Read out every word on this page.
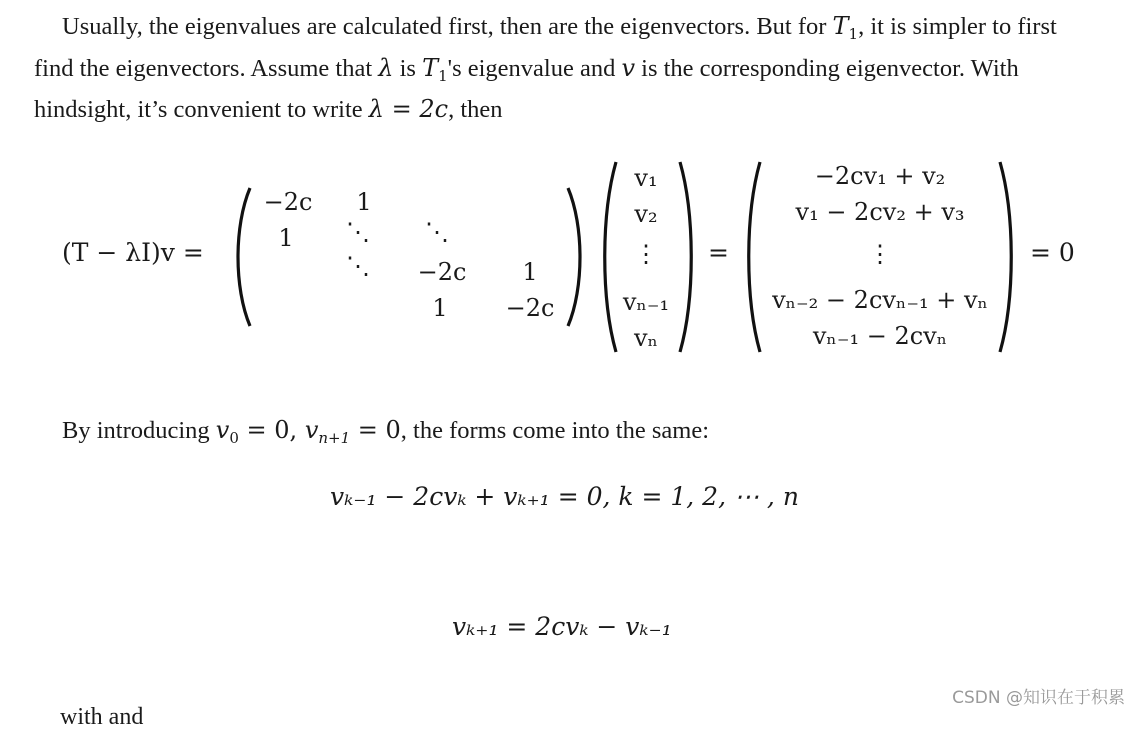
Usually, the eigenvalues are calculated first, then are the eigenvectors. But for $T_1$, it is simpler to first find the eigenvectors. Assume that λ is $T_1's$ eigenvalue and v is the corresponding eigenvector. With hindsight, it’s convenient to write λ = 2c, then

(T − λI)v =
−2c 1
1 ⋱ ⋱
⋱ −2c 1
1 −2c
v₁
v₂
⋮
vₙ₋₁
vₙ
=
−2cv₁ + v₂
v₁ − 2cv₂ + v₃
⋮
vₙ₋₂ − 2cvₙ₋₁ + vₙ
vₙ₋₁ − 2cvₙ
= 0

By introducing $v_0 = 0$, $v_{n+1} = 0$, the forms come into the same:

vₖ₋₁ − 2cvₖ + vₖ₊₁ = 0, k = 1, 2, ⋯ , n
vₖ₊₁ = 2cvₖ − vₖ₋₁
with and
CSDN @知识在于积累
